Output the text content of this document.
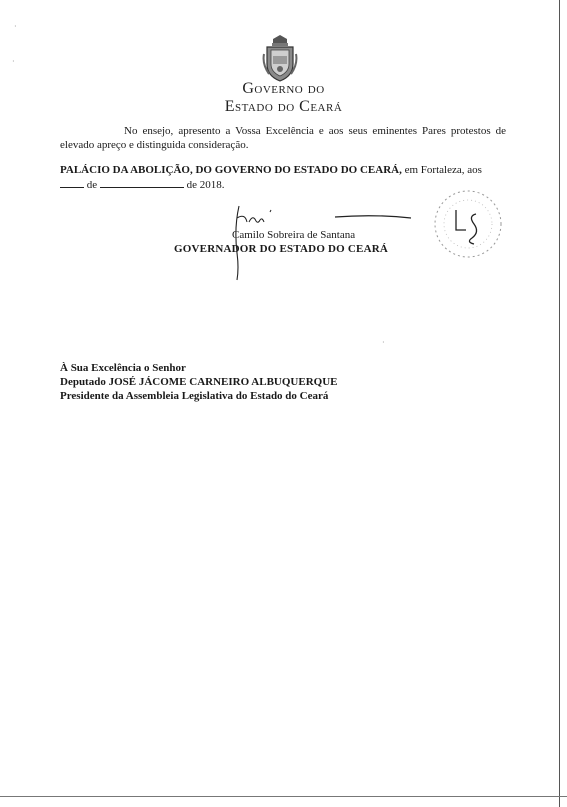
·
·
·
Governo do
Estado do Ceará
No ensejo, apresento a Vossa Excelência e aos seus eminentes Pares protestos de elevado apreço e distinguida consideração.
PALÁCIO DA ABOLIÇÃO, DO GOVERNO DO ESTADO DO CEARÁ, em Fortaleza, aos
de	de 2018.
Camilo Sobreira de Santana
GOVERNADOR DO ESTADO DO CEARÁ
À Sua Excelência o Senhor
Deputado JOSÉ JÁCOME CARNEIRO ALBUQUERQUE
Presidente da Assembleia Legislativa do Estado do Ceará
